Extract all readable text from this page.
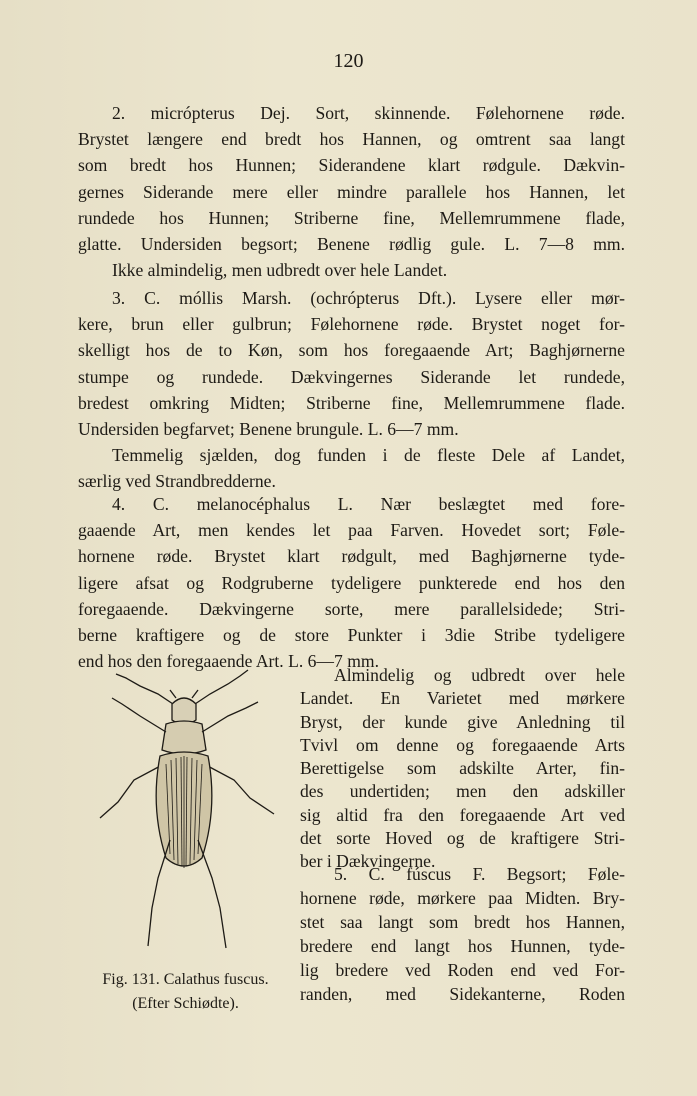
120
2. micrópterus Dej. Sort, skinnende. Følehornene røde.
Brystet længere end bredt hos Hannen, og omtrent saa langt
som bredt hos Hunnen; Siderandene klart rødgule. Dækvin-
gernes Siderande mere eller mindre parallele hos Hannen, let
rundede hos Hunnen; Striberne fine, Mellemrummene flade,
glatte. Undersiden begsort; Benene rødlig gule. L. 7—8 mm.
Ikke almindelig, men udbredt over hele Landet.
3. C. móllis Marsh. (ochrópterus Dft.). Lysere eller mør-
kere, brun eller gulbrun; Følehornene røde. Brystet noget for-
skelligt hos de to Køn, som hos foregaaende Art; Baghjørnerne
stumpe og rundede. Dækvingernes Siderande let rundede,
bredest omkring Midten; Striberne fine, Mellemrummene flade.
Undersiden begfarvet; Benene brungule. L. 6—7 mm.
Temmelig sjælden, dog funden i de fleste Dele af Landet,
særlig ved Strandbredderne.
4. C. melanocéphalus L. Nær beslægtet med fore-
gaaende Art, men kendes let paa Farven. Hovedet sort; Føle-
hornene røde. Brystet klart rødgult, med Baghjørnerne tyde-
ligere afsat og Rodgruberne tydeligere punkterede end hos den
foregaaende. Dækvingerne sorte, mere parallelsidede; Stri-
berne kraftigere og de store Punkter i 3die Stribe tydeligere
end hos den foregaaende Art. L. 6—7 mm.
Fig. 131. Calathus fuscus.
(Efter Schiødte).
Almindelig og udbredt over hele
Landet. En Varietet med mørkere
Bryst, der kunde give Anledning til
Tvivl om denne og foregaaende Arts
Berettigelse som adskilte Arter, fin-
des undertiden; men den adskiller
sig altid fra den foregaaende Art ved
det sorte Hoved og de kraftigere Stri-
ber i Dækvingerne.
5. C. fúscus F. Begsort; Føle-
hornene røde, mørkere paa Midten. Bry-
stet saa langt som bredt hos Hannen,
bredere end langt hos Hunnen, tyde-
lig bredere ved Roden end ved For-
randen, med Sidekanterne, Roden
